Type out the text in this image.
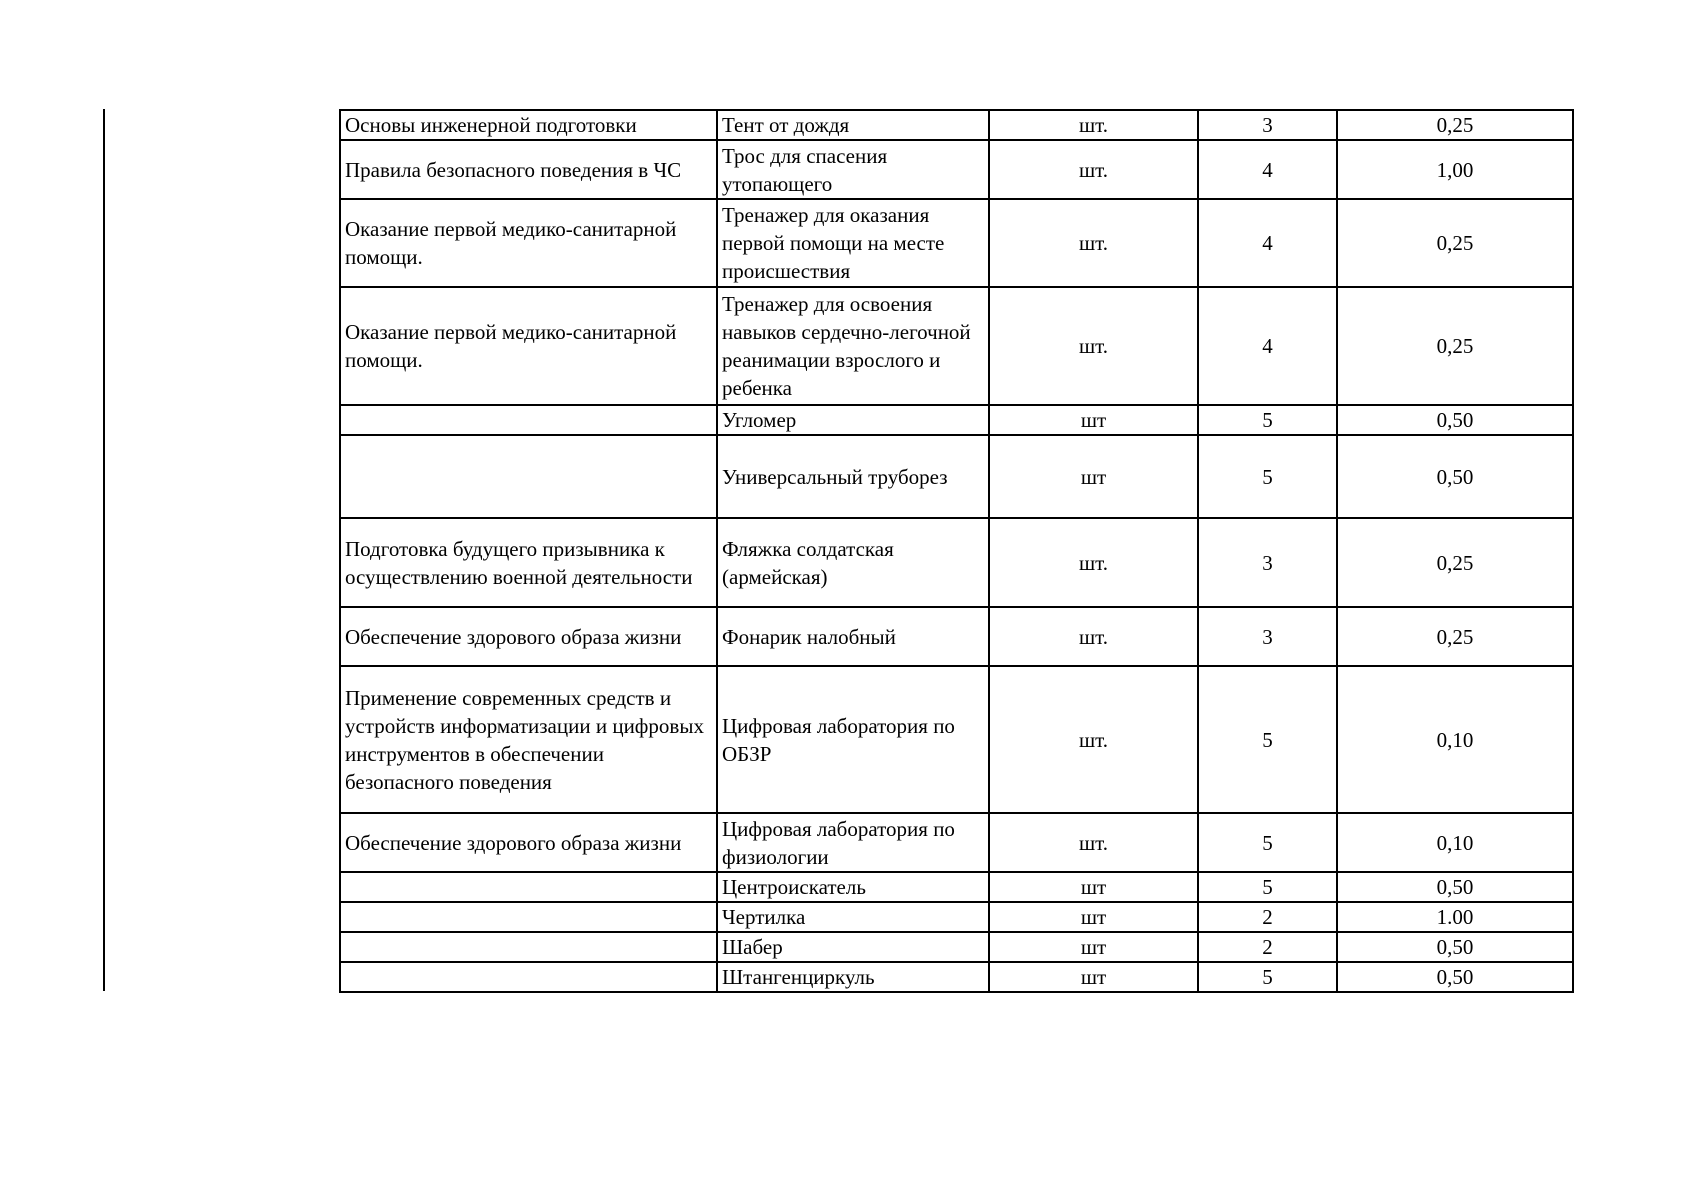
Основы инженерной подготовки	Тент от дождя	шт.	3	0,25
Правила безопасного поведения в ЧС	Трос для спасения утопающего	шт.	4	1,00
Оказание первой медико-санитарной помощи.	Тренажер для оказания первой помощи на месте происшествия	шт.	4	0,25
Оказание первой медико-санитарной помощи.	Тренажер для освоения навыков сердечно-легочной реанимации взрослого и ребенка	шт.	4	0,25
	Угломер	шт	5	0,50
	Универсальный труборез	шт	5	0,50
Подготовка будущего призывника к осуществлению военной деятельности	Фляжка солдатская (армейская)	шт.	3	0,25
Обеспечение здорового образа жизни	Фонарик налобный	шт.	3	0,25
Применение современных средств и устройств информатизации и цифровых инструментов в обеспечении безопасного поведения	Цифровая лаборатория по ОБЗР	шт.	5	0,10
Обеспечение здорового образа жизни	Цифровая лаборатория по физиологии	шт.	5	0,10
	Центроискатель	шт	5	0,50
	Чертилка	шт	2	1.00
	Шабер	шт	2	0,50
	Штангенциркуль	шт	5	0,50
